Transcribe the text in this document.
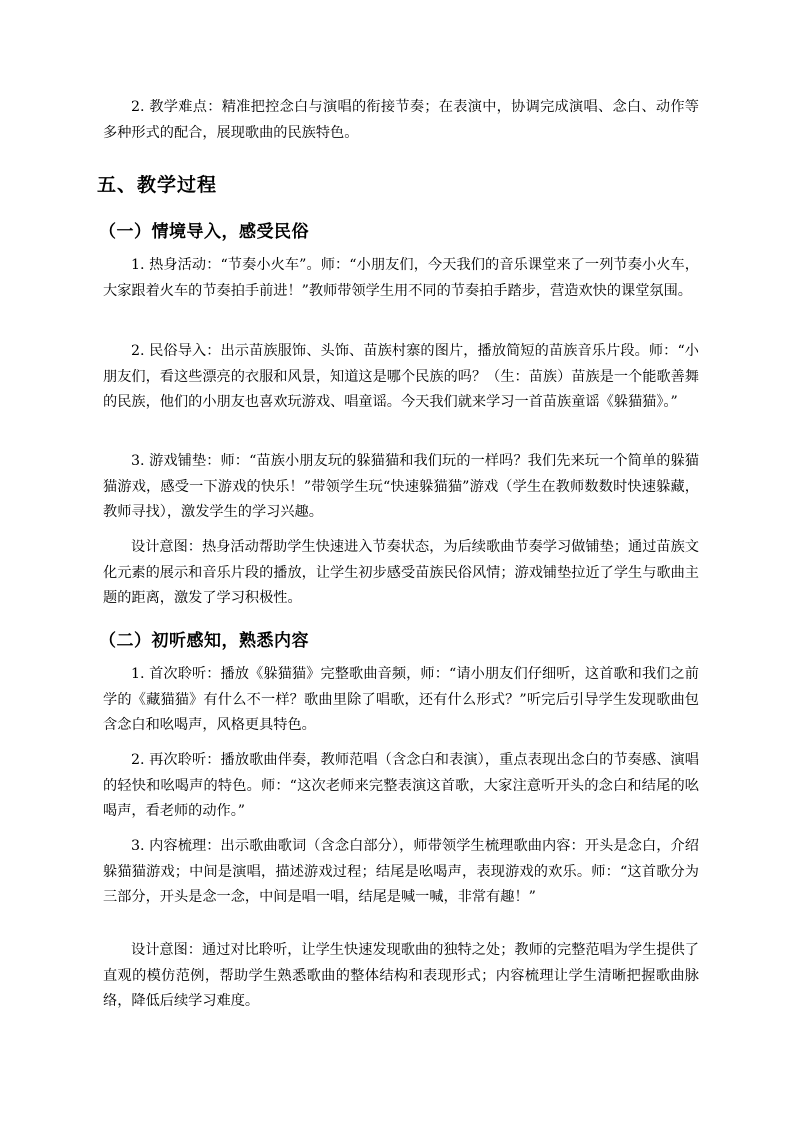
2. 教学难点：精准把控念白与演唱的衔接节奏；在表演中，协调完成演唱、念白、动作等多种形式的配合，展现歌曲的民族特色。

五、教学过程
（一）情境导入，感受民俗

1. 热身活动：“节奏小火车”。师：“小朋友们，今天我们的音乐课堂来了一列节奏小火车，大家跟着火车的节奏拍手前进！”教师带领学生用不同的节奏拍手踏步，营造欢快的课堂氛围。

2. 民俗导入：出示苗族服饰、头饰、苗族村寨的图片，播放简短的苗族音乐片段。师：“小朋友们，看这些漂亮的衣服和风景，知道这是哪个民族的吗？（生：苗族）苗族是一个能歌善舞的民族，他们的小朋友也喜欢玩游戏、唱童谣。今天我们就来学习一首苗族童谣《躲猫猫》。”

3. 游戏铺垫：师：“苗族小朋友玩的躲猫猫和我们玩的一样吗？我们先来玩一个简单的躲猫猫游戏，感受一下游戏的快乐！”带领学生玩“快速躲猫猫”游戏（学生在教师数数时快速躲藏，教师寻找），激发学生的学习兴趣。

设计意图：热身活动帮助学生快速进入节奏状态，为后续歌曲节奏学习做铺垫；通过苗族文化元素的展示和音乐片段的播放，让学生初步感受苗族民俗风情；游戏铺垫拉近了学生与歌曲主题的距离，激发了学习积极性。

（二）初听感知，熟悉内容

1. 首次聆听：播放《躲猫猫》完整歌曲音频，师：“请小朋友们仔细听，这首歌和我们之前学的《藏猫猫》有什么不一样？歌曲里除了唱歌，还有什么形式？”听完后引导学生发现歌曲包含念白和吆喝声，风格更具特色。

2. 再次聆听：播放歌曲伴奏，教师范唱（含念白和表演），重点表现出念白的节奏感、演唱的轻快和吆喝声的特色。师：“这次老师来完整表演这首歌，大家注意听开头的念白和结尾的吆喝声，看老师的动作。”

3. 内容梳理：出示歌曲歌词（含念白部分），师带领学生梳理歌曲内容：开头是念白，介绍躲猫猫游戏；中间是演唱，描述游戏过程；结尾是吆喝声，表现游戏的欢乐。师：“这首歌分为三部分，开头是念一念，中间是唱一唱，结尾是喊一喊，非常有趣！”

设计意图：通过对比聆听，让学生快速发现歌曲的独特之处；教师的完整范唱为学生提供了直观的模仿范例，帮助学生熟悉歌曲的整体结构和表现形式；内容梳理让学生清晰把握歌曲脉络，降低后续学习难度。
